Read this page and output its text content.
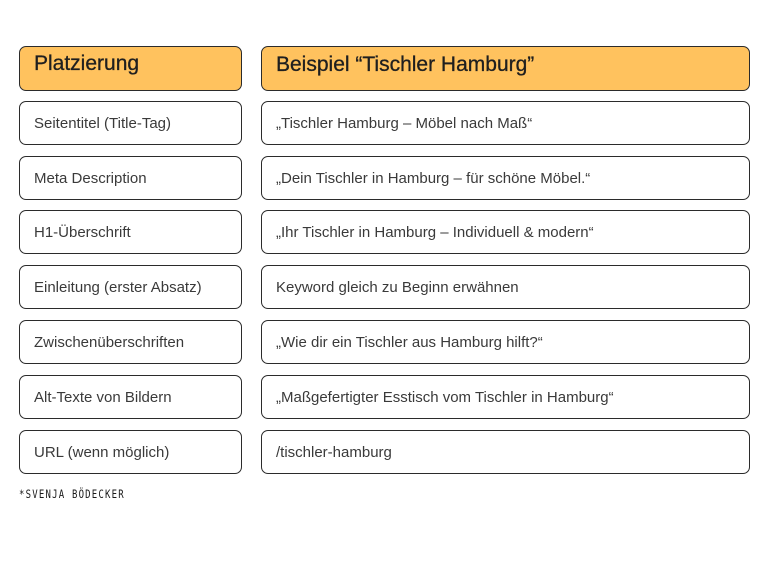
Platzierung	Beispiel “Tischler Hamburg”
Seitentitel (Title-Tag)	„Tischler Hamburg – Möbel nach Maß“
Meta Description	„Dein Tischler in Hamburg – für schöne Möbel.“
H1-Überschrift	„Ihr Tischler in Hamburg – Individuell & modern“
Einleitung (erster Absatz)	Keyword gleich zu Beginn erwähnen
Zwischenüberschriften	„Wie dir ein Tischler aus Hamburg hilft?“
Alt-Texte von Bildern	„Maßgefertigter Esstisch vom Tischler in Hamburg“
URL (wenn möglich)	/tischler-hamburg
*SVENJA BÖDECKER
